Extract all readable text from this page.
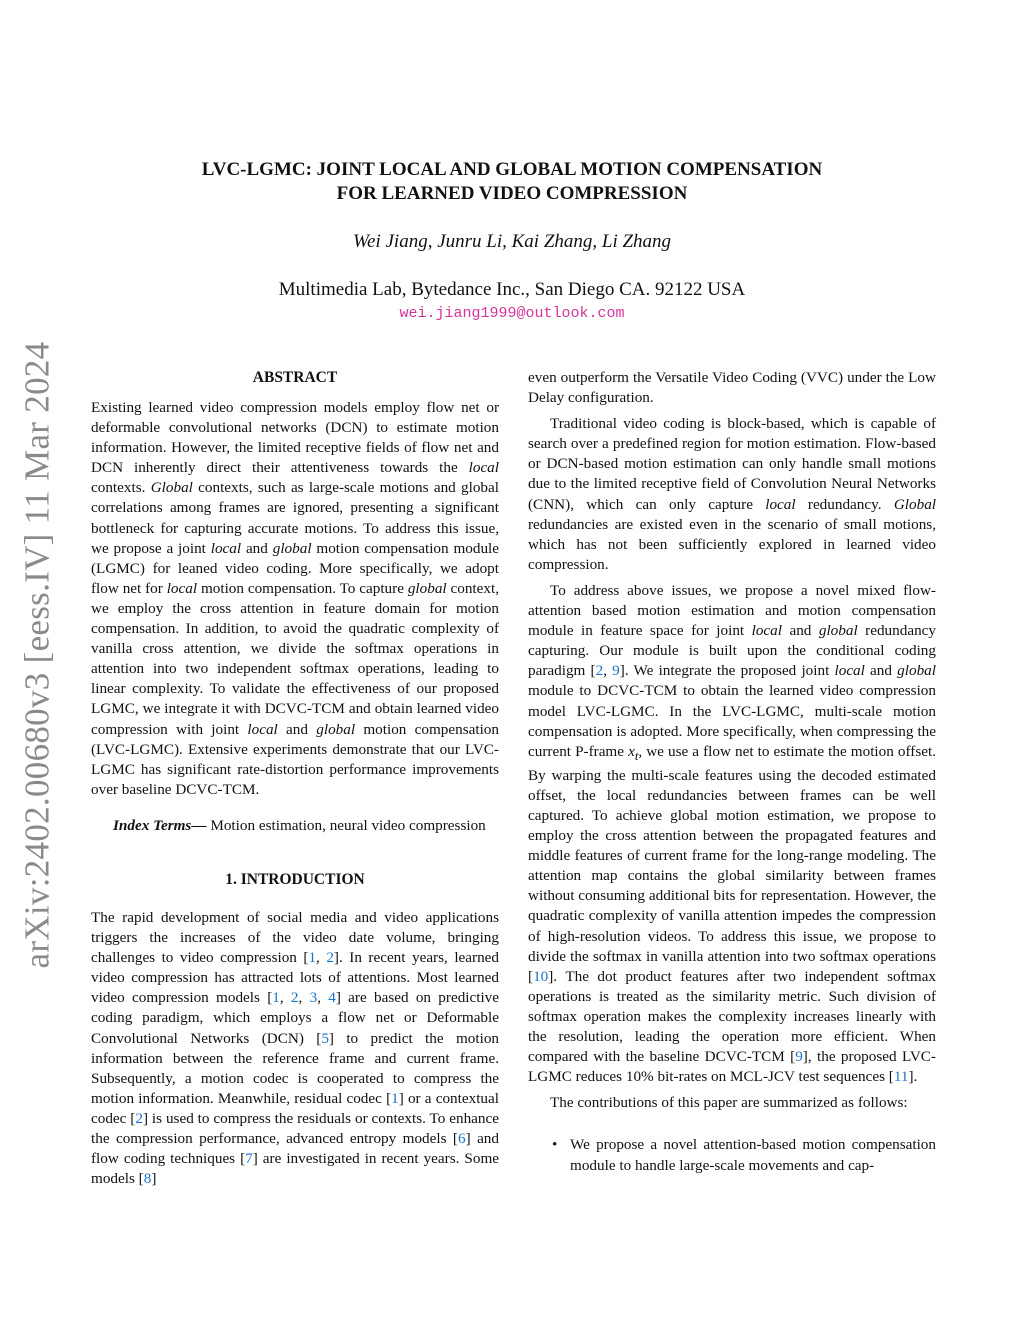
arXiv:2402.00680v3 [eess.IV] 11 Mar 2024
LVC-LGMC: JOINT LOCAL AND GLOBAL MOTION COMPENSATION
FOR LEARNED VIDEO COMPRESSION
Wei Jiang, Junru Li, Kai Zhang, Li Zhang
Multimedia Lab, Bytedance Inc., San Diego CA. 92122 USA
wei.jiang1999@outlook.com
ABSTRACT

Existing learned video compression models employ flow net or deformable convolutional networks (DCN) to estimate motion information. However, the limited receptive fields of flow net and DCN inherently direct their attentiveness towards the local contexts. Global contexts, such as large-scale motions and global correlations among frames are ignored, presenting a significant bottleneck for capturing accurate motions. To address this issue, we propose a joint local and global motion compensation module (LGMC) for leaned video coding. More specifically, we adopt flow net for local motion compensation. To capture global context, we employ the cross attention in feature domain for motion compensation. In addition, to avoid the quadratic complexity of vanilla cross attention, we divide the softmax operations in attention into two independent softmax operations, leading to linear complexity. To validate the effectiveness of our proposed LGMC, we integrate it with DCVC-TCM and obtain learned video compression with joint local and global motion compensation (LVC-LGMC). Extensive experiments demonstrate that our LVC-LGMC has significant rate-distortion performance improvements over baseline DCVC-TCM.

Index Terms— Motion estimation, neural video compression

1. INTRODUCTION

The rapid development of social media and video applications triggers the increases of the video date volume, bringing challenges to video compression [1, 2]. In recent years, learned video compression has attracted lots of attentions. Most learned video compression models [1, 2, 3, 4] are based on predictive coding paradigm, which employs a flow net or Deformable Convolutional Networks (DCN) [5] to predict the motion information between the reference frame and current frame. Subsequently, a motion codec is cooperated to compress the motion information. Meanwhile, residual codec [1] or a contextual codec [2] is used to compress the residuals or contexts. To enhance the compression performance, advanced entropy models [6] and flow coding techniques [7] are investigated in recent years. Some models [8]

even outperform the Versatile Video Coding (VVC) under the Low Delay configuration.

Traditional video coding is block-based, which is capable of search over a predefined region for motion estimation. Flow-based or DCN-based motion estimation can only handle small motions due to the limited receptive field of Convolution Neural Networks (CNN), which can only capture local redundancy. Global redundancies are existed even in the scenario of small motions, which has not been sufficiently explored in learned video compression.

To address above issues, we propose a novel mixed flow-attention based motion estimation and motion compensation module in feature space for joint local and global redundancy capturing. Our module is built upon the conditional coding paradigm [2, 9]. We integrate the proposed joint local and global module to DCVC-TCM to obtain the learned video compression model LVC-LGMC. In the LVC-LGMC, multi-scale motion compensation is adopted. More specifically, when compressing the current P-frame $x_t$, we use a flow net to estimate the motion offset. By warping the multi-scale features using the decoded estimated offset, the local redundancies between frames can be well captured. To achieve global motion estimation, we propose to employ the cross attention between the propagated features and middle features of current frame for the long-range modeling. The attention map contains the global similarity between frames without consuming additional bits for representation. However, the quadratic complexity of vanilla attention impedes the compression of high-resolution videos. To address this issue, we propose to divide the softmax in vanilla attention into two softmax operations [10]. The dot product features after two independent softmax operations is treated as the similarity metric. Such division of softmax operation makes the complexity increases linearly with the resolution, leading the operation more efficient. When compared with the baseline DCVC-TCM [9], the proposed LVC-LGMC reduces 10% bit-rates on MCL-JCV test sequences [11].

The contributions of this paper are summarized as follows:

• We propose a novel attention-based motion compensation module to handle large-scale movements and cap-
